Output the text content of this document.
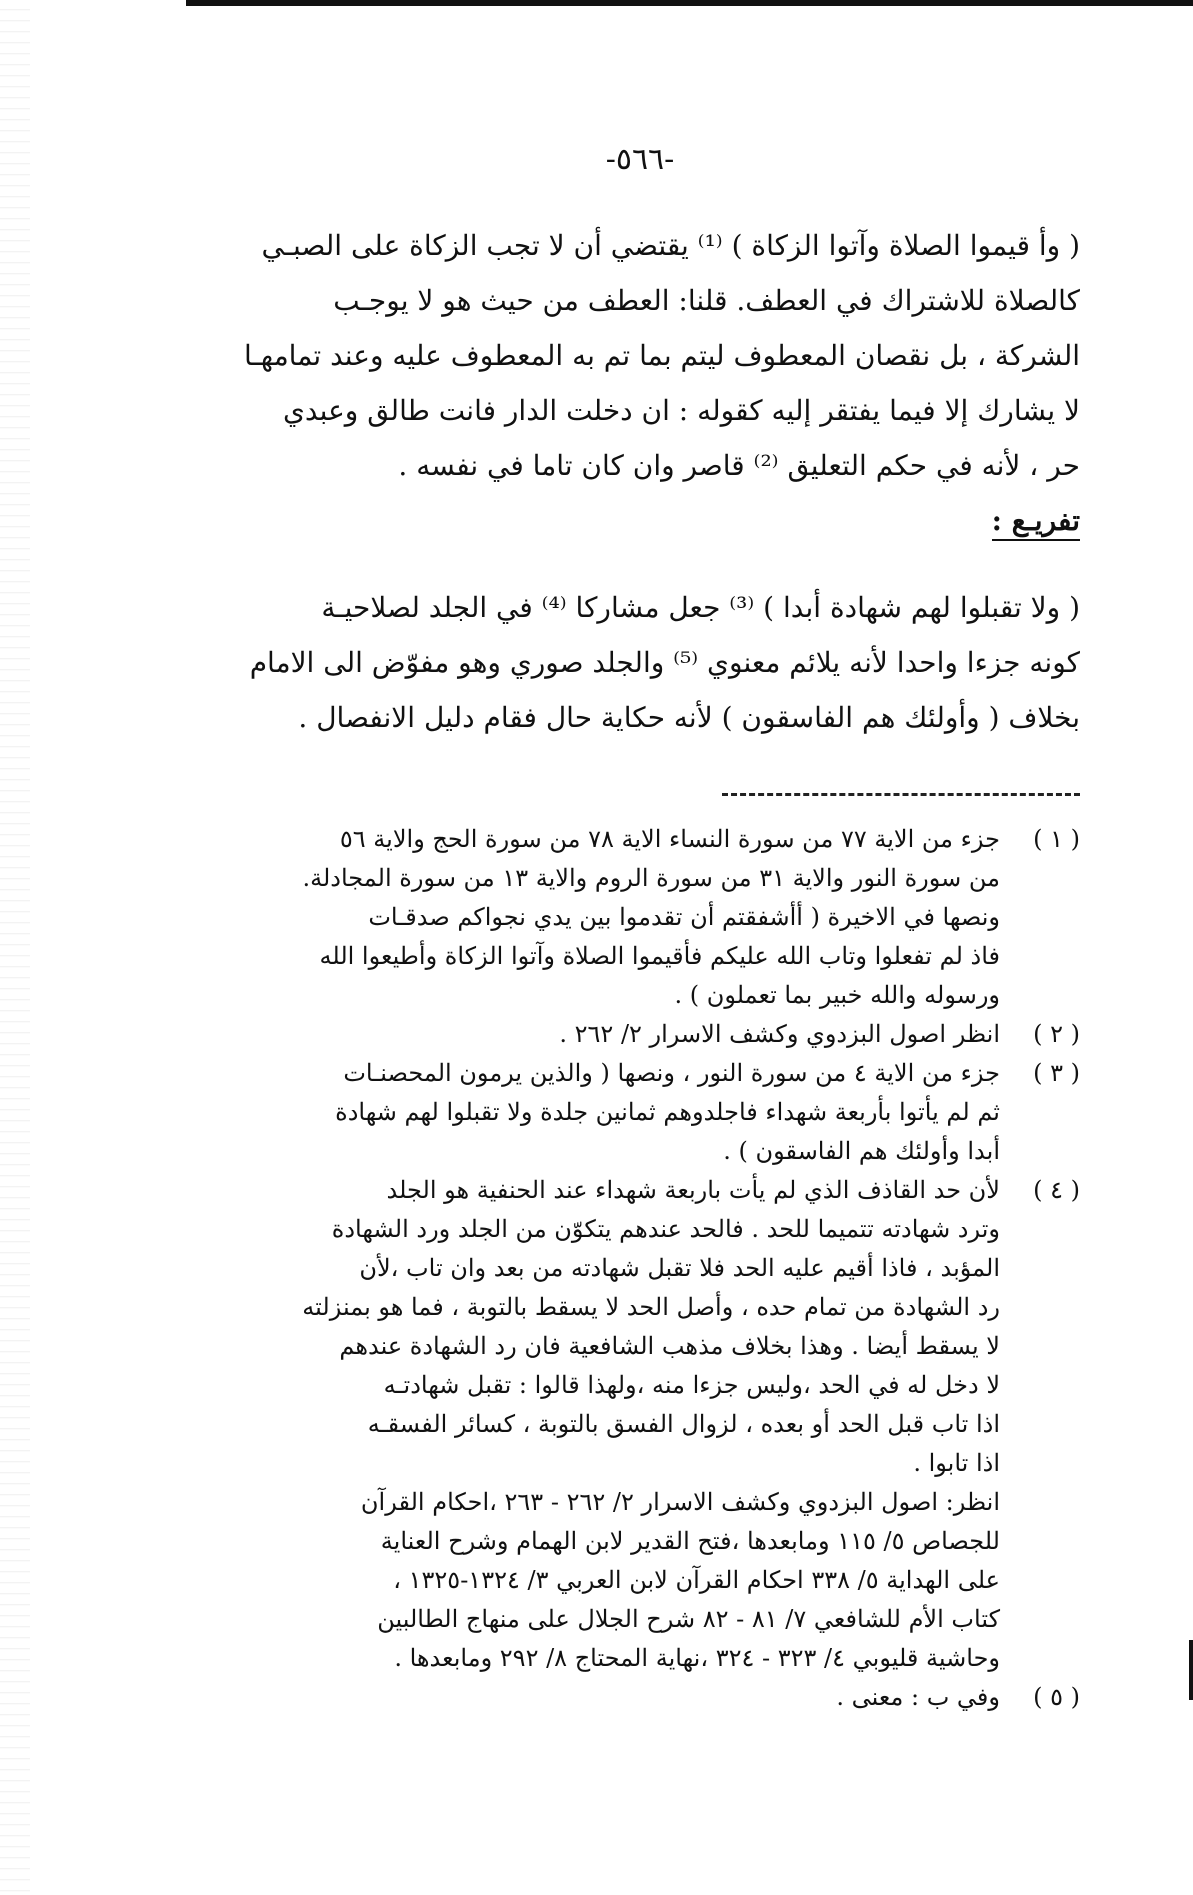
-٥٦٦-
( وأ قيموا الصلاة وآتوا الزكاة ) ⁽¹⁾ يقتضي أن لا تجب الزكاة على الصبـي
كالصلاة للاشتراك في العطف. قلنا: العطف من حيث هو لا يوجـب
الشركة ، بل نقصان المعطوف ليتم بما تم به المعطوف عليه وعند تمامهـا
لا يشارك إلا فيما يفتقر إليه كقوله : ان دخلت الدار فانت طالق وعبدي
حر ، لأنه في حكم التعليق ⁽²⁾ قاصر وان كان تاما في نفسه .
تفريـع :
( ولا تقبلوا لهم شهادة أبدا ) ⁽³⁾ جعل مشاركا ⁽⁴⁾ في الجلد لصلاحيـة
كونه جزءا واحدا لأنه يلائم معنوي ⁽⁵⁾ والجلد صوري وهو مفوّض الى الامام
بخلاف ( وأولئك هم الفاسقون ) لأنه حكاية حال فقام دليل الانفصال .
( ١ )
جزء من الاية ٧٧ من سورة النساء الاية ٧٨ من سورة الحج والاية ٥٦
من سورة النور والاية ٣١ من سورة الروم والاية ١٣ من سورة المجادلة.
ونصها في الاخيرة ( أأشفقتم أن تقدموا بين يدي نجواكم صدقـات
فاذ لم تفعلوا وتاب الله عليكم فأقيموا الصلاة وآتوا الزكاة وأطيعوا الله
ورسوله والله خبير بما تعملون ) .
( ٢ )
انظر اصول البزدوي وكشف الاسرار ٢/ ٢٦٢ .
( ٣ )
جزء من الاية ٤ من سورة النور ، ونصها ( والذين يرمون المحصنـات
ثم لم يأتوا بأربعة شهداء فاجلدوهم ثمانين جلدة ولا تقبلوا لهم شهادة
أبدا وأولئك هم الفاسقون ) .
( ٤ )
لأن حد القاذف الذي لم يأت باربعة شهداء عند الحنفية هو الجلد
وترد شهادته تتميما للحد . فالحد عندهم يتكوّن من الجلد ورد الشهادة
المؤبد ، فاذا أقيم عليه الحد فلا تقبل شهادته من بعد وان تاب ،لأن
رد الشهادة من تمام حده ، وأصل الحد لا يسقط بالتوبة ، فما هو بمنزلته
لا يسقط أيضا . وهذا بخلاف مذهب الشافعية فان رد الشهادة عندهم
لا دخل له في الحد ،وليس جزءا منه ،ولهذا قالوا : تقبل شهادتـه
اذا تاب قبل الحد أو بعده ، لزوال الفسق بالتوبة ، كسائر الفسقـه
اذا تابوا .
انظر: اصول البزدوي وكشف الاسرار ٢/ ٢٦٢ - ٢٦٣ ،احكام القرآن
للجصاص ٥/ ١١٥ ومابعدها ،فتح القدير لابن الهمام وشرح العناية
على الهداية ٥/ ٣٣٨ احكام القرآن لابن العربي ٣/ ١٣٢٤-١٣٢٥ ،
كتاب الأم للشافعي ٧/ ٨١ - ٨٢ شرح الجلال على منهاج الطالبين
وحاشية قليوبي ٤/ ٣٢٣ - ٣٢٤ ،نهاية المحتاج ٨/ ٢٩٢ ومابعدها .
( ٥ )
وفي ب : معنى .
